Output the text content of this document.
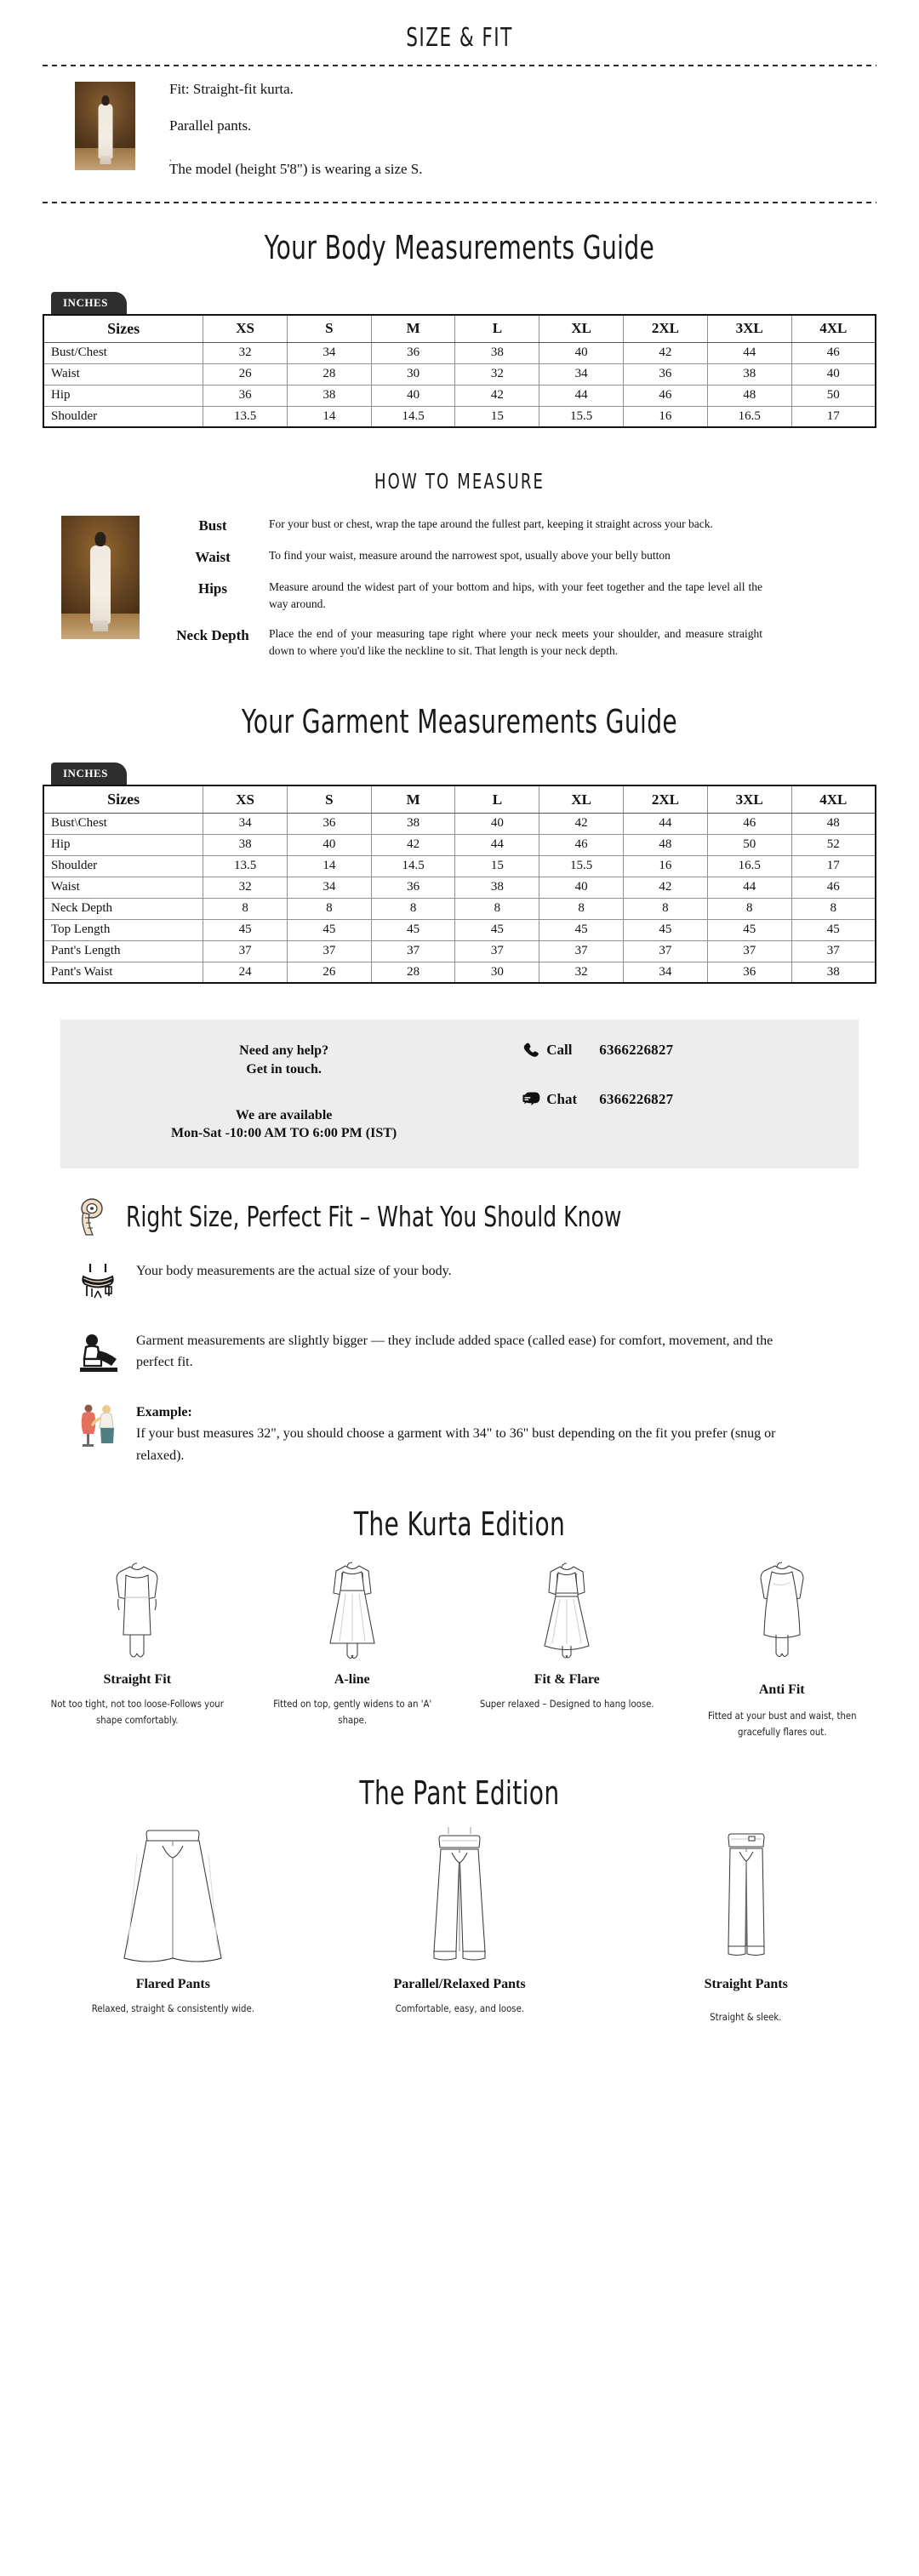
SIZE & FIT

Fit: Straight-fit kurta.

Parallel pants.

.
The model (height 5'8") is wearing a size S.

Your Body Measurements Guide
INCHES
Sizes	XS	S	M	L	XL	2XL	3XL	4XL
Bust/Chest	32	34	36	38	40	42	44	46
Waist	26	28	30	32	34	36	38	40
Hip	36	38	40	42	44	46	48	50
Shoulder	13.5	14	14.5	15	15.5	16	16.5	17
HOW TO MEASURE
Bust	For your bust or chest, wrap the tape around the fullest part, keeping it straight across your back.
Waist	To find your waist, measure around the narrowest spot, usually above your belly button
Hips	Measure around the widest part of your bottom and hips, with your feet together and the tape level all the way around.
Neck Depth	Place the end of your measuring tape right where your neck meets your shoulder, and measure straight down to where you'd like the neckline to sit. That length is your neck depth.
Your Garment Measurements Guide
INCHES
Sizes	XS	S	M	L	XL	2XL	3XL	4XL
Bust\Chest	34	36	38	40	42	44	46	48
Hip	38	40	42	44	46	48	50	52
Shoulder	13.5	14	14.5	15	15.5	16	16.5	17
Waist	32	34	36	38	40	42	44	46
Neck Depth	8	8	8	8	8	8	8	8
Top Length	45	45	45	45	45	45	45	45
Pant's Length	37	37	37	37	37	37	37	37
Pant's Waist	24	26	28	30	32	34	36	38
Need any help?
Get in touch.
We are available
Mon-Sat -10:00 AM TO 6:00 PM (IST)
Call	6366226827
Chat	6366226827
Right Size, Perfect Fit – What You Should Know
Your body measurements are the actual size of your body.
Garment measurements are slightly bigger — they include added space (called ease) for comfort, movement, and the perfect fit.
Example:
If your bust measures 32", you should choose a garment with 34" to 36" bust depending on the fit you prefer (snug or relaxed).
The Kurta Edition
Straight Fit
Not too tight, not too loose-Follows your shape comfortably.
A-line
Fitted on top, gently widens to an 'A' shape.
Fit & Flare
Super relaxed – Designed to hang loose.
Anti Fit
Fitted at your bust and waist, then gracefully flares out.
The Pant Edition
Flared Pants
Relaxed, straight & consistently wide.
Parallel/Relaxed Pants
Comfortable, easy, and loose.
Straight Pants
Straight & sleek.
